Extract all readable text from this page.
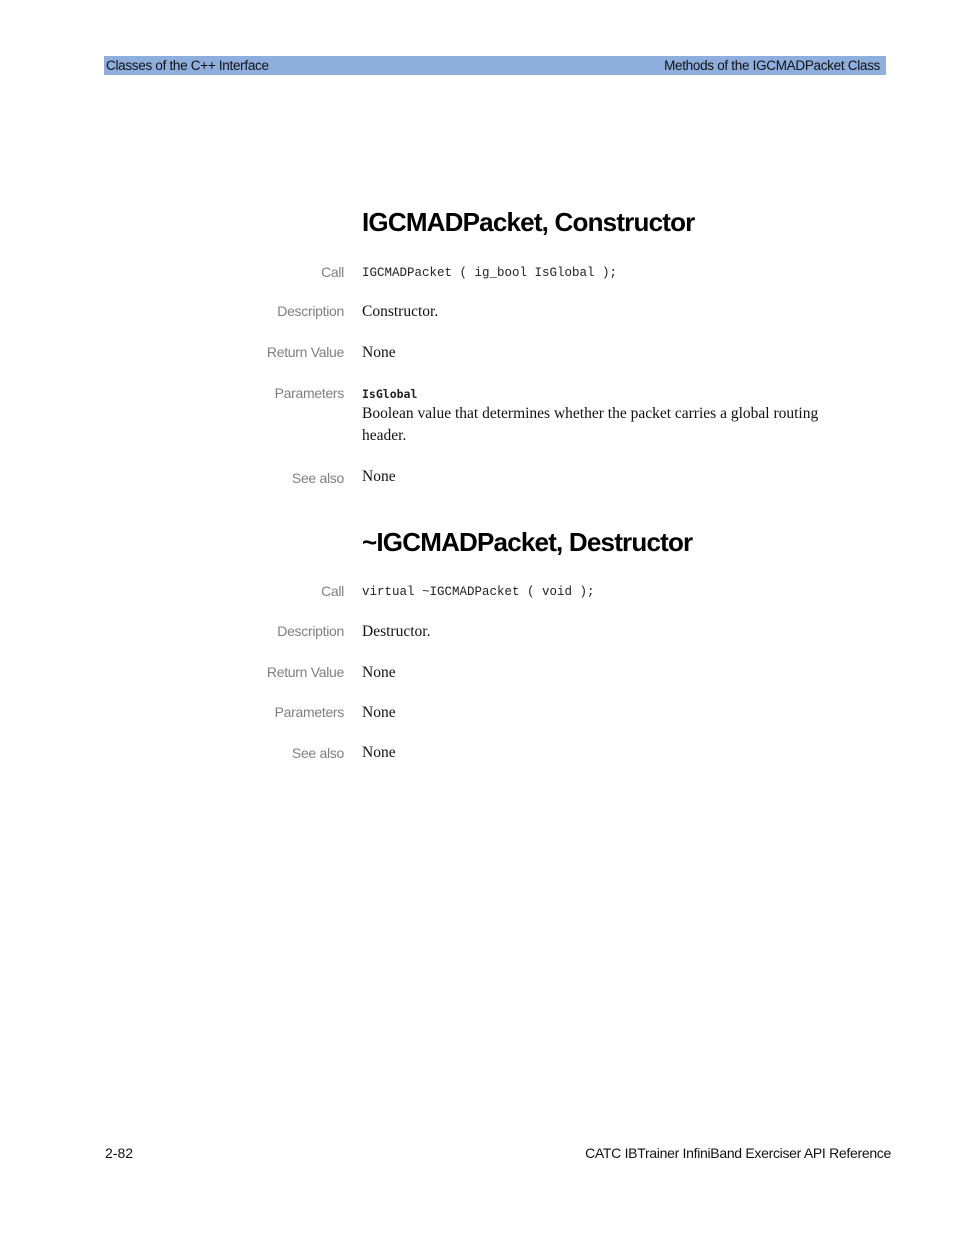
Classes of the C++ Interface	Methods of the IGCMADPacket Class
IGCMADPacket, Constructor
Call IGCMADPacket ( ig_bool IsGlobal );
Description Constructor.
Return Value None
Parameters IsGlobal
Boolean value that determines whether the packet carries a global routing header.
See also None
~IGCMADPacket, Destructor
Call virtual ~IGCMADPacket ( void );
Description Destructor.
Return Value None
Parameters None
See also None
2-82	CATC IBTrainer InfiniBand Exerciser API Reference
